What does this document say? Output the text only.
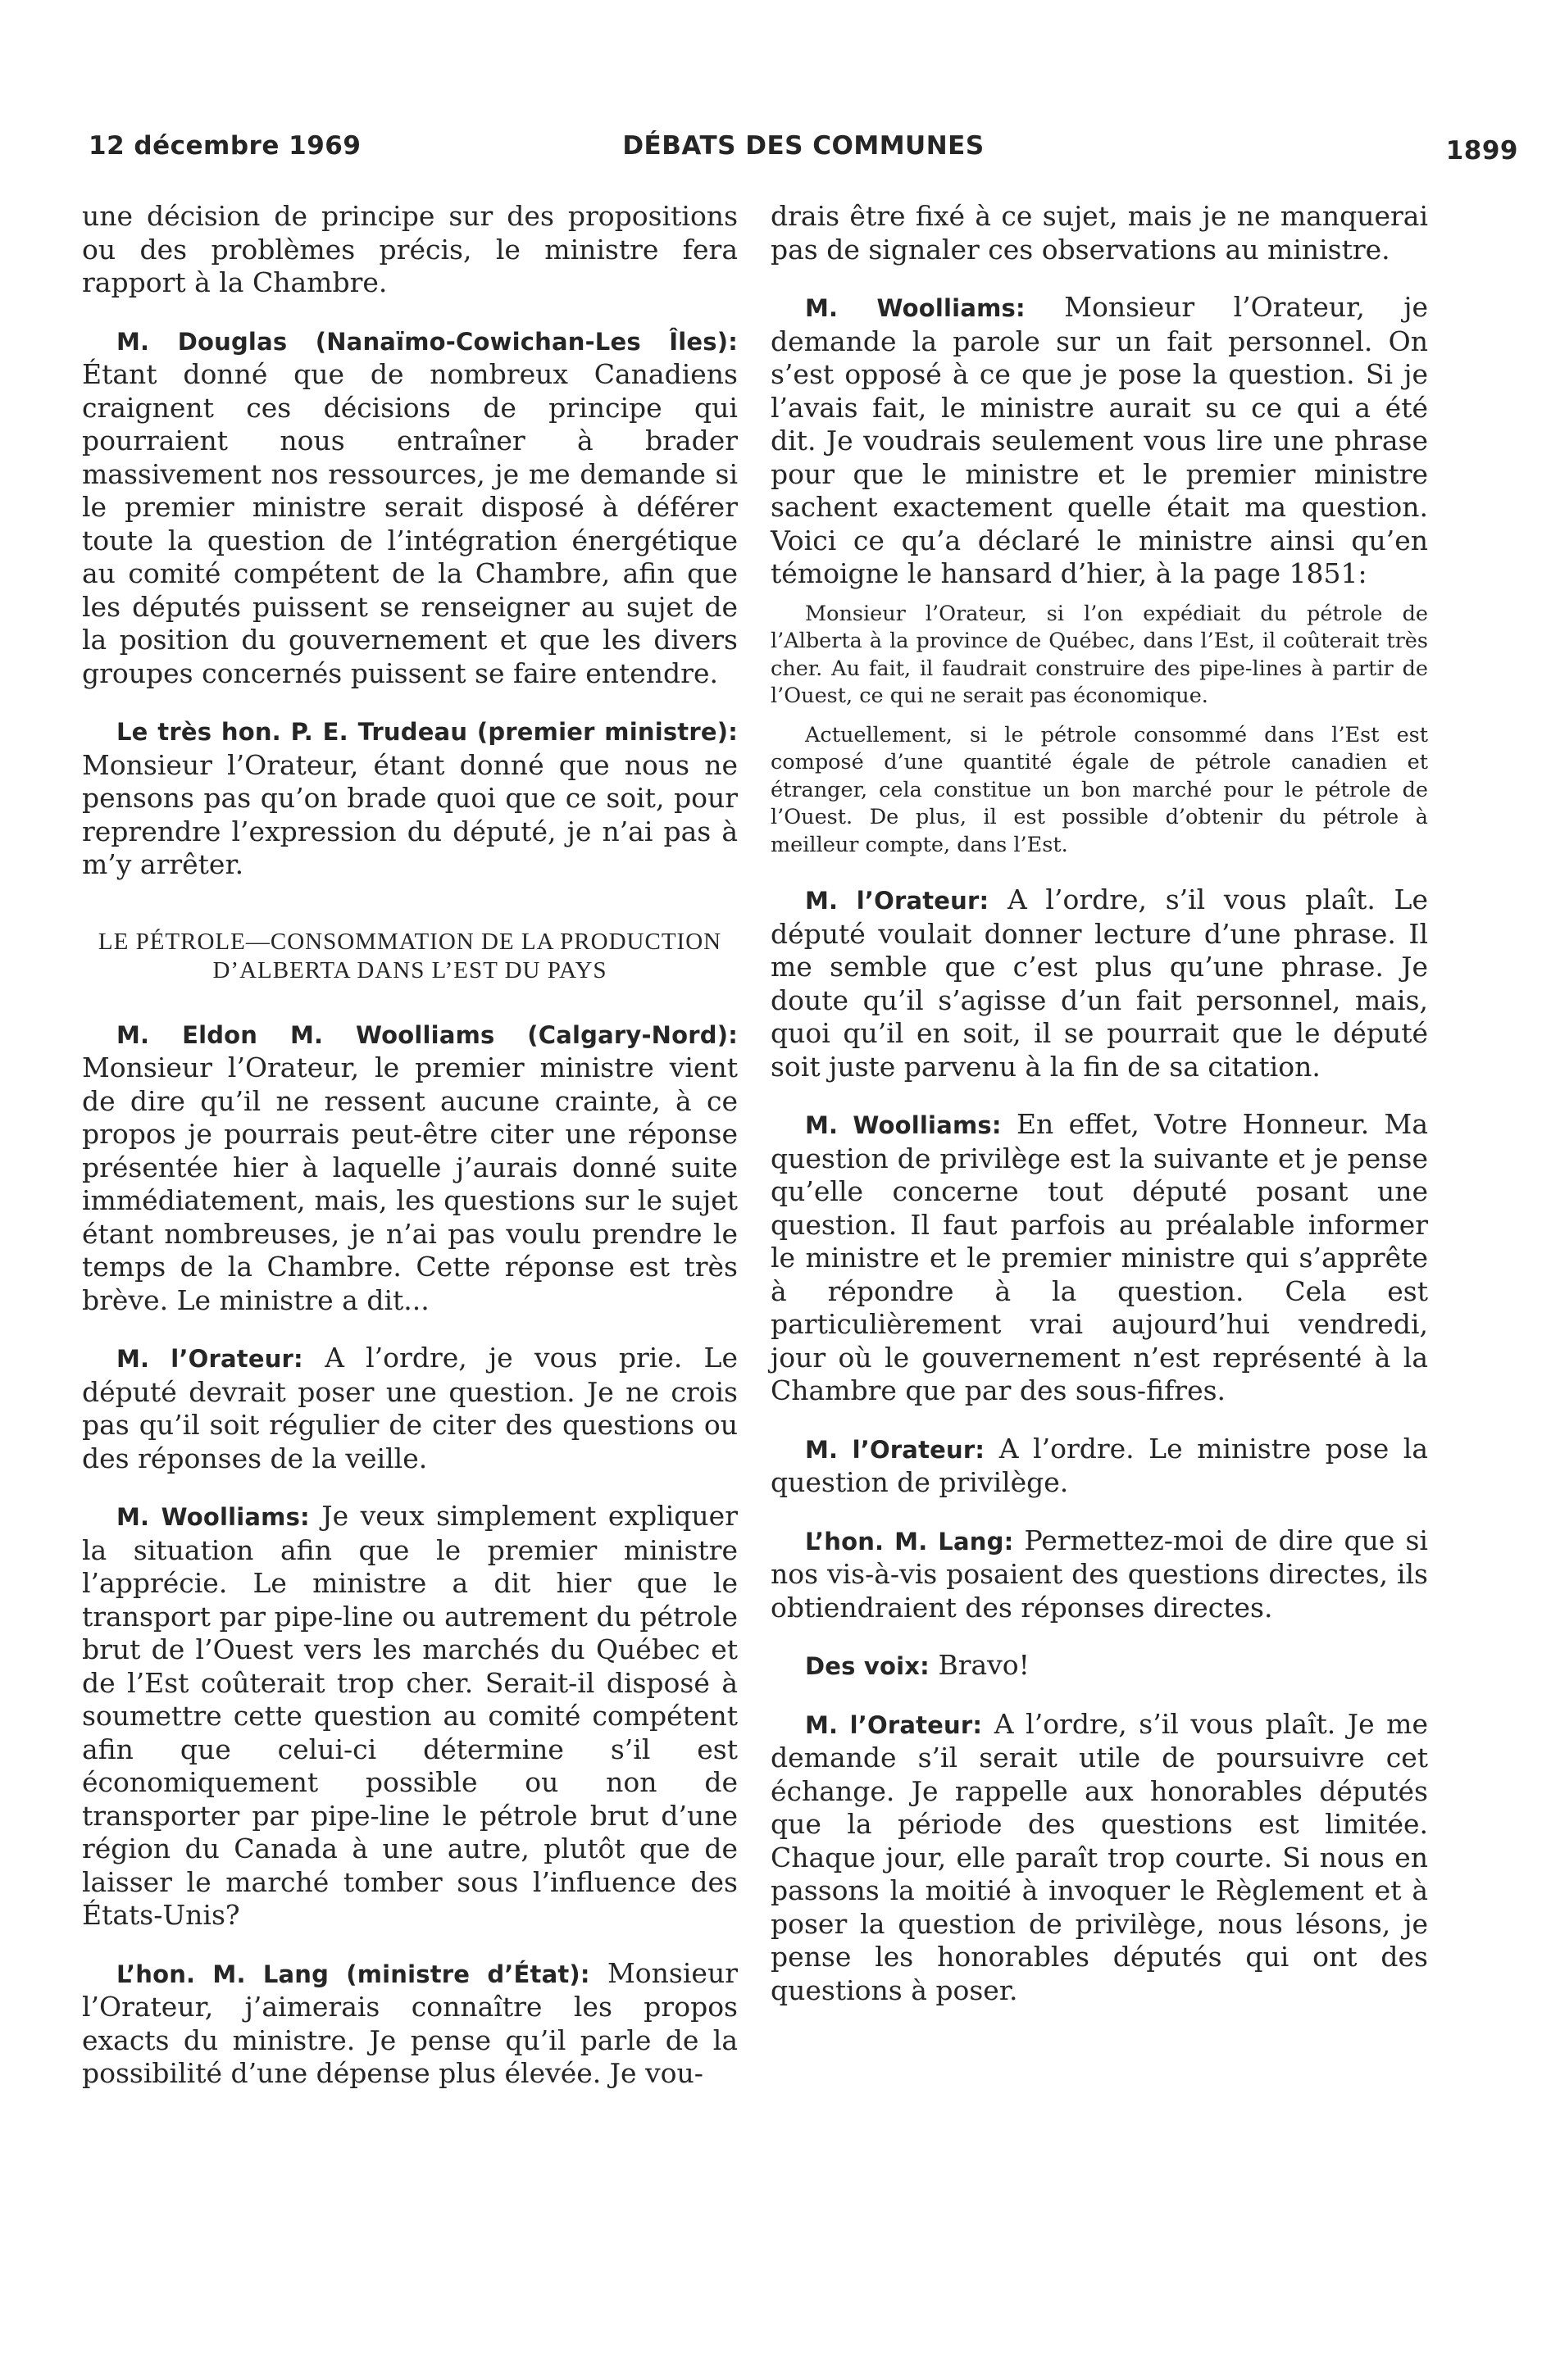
12 décembre 1969	DÉBATS DES COMMUNES	1899

une décision de principe sur des propositions ou des problèmes précis, le ministre fera rapport à la Chambre.

M. Douglas (Nanaïmo-Cowichan-Les Îles): Étant donné que de nombreux Canadiens craignent ces décisions de principe qui pourraient nous entraîner à brader massivement nos ressources, je me demande si le premier ministre serait disposé à déférer toute la question de l’intégration énergétique au comité compétent de la Chambre, afin que les députés puissent se renseigner au sujet de la position du gouvernement et que les divers groupes concernés puissent se faire entendre.

Le très hon. P. E. Trudeau (premier ministre): Monsieur l’Orateur, étant donné que nous ne pensons pas qu’on brade quoi que ce soit, pour reprendre l’expression du député, je n’ai pas à m’y arrêter.

LE PÉTROLE—CONSOMMATION DE LA PRODUCTION D’ALBERTA DANS L’EST DU PAYS

M. Eldon M. Woolliams (Calgary-Nord): Monsieur l’Orateur, le premier ministre vient de dire qu’il ne ressent aucune crainte, à ce propos je pourrais peut-être citer une réponse présentée hier à laquelle j’aurais donné suite immédiatement, mais, les questions sur le sujet étant nombreuses, je n’ai pas voulu prendre le temps de la Chambre. Cette réponse est très brève. Le ministre a dit...

M. l’Orateur: A l’ordre, je vous prie. Le député devrait poser une question. Je ne crois pas qu’il soit régulier de citer des questions ou des réponses de la veille.

M. Woolliams: Je veux simplement expliquer la situation afin que le premier ministre l’apprécie. Le ministre a dit hier que le transport par pipe-line ou autrement du pétrole brut de l’Ouest vers les marchés du Québec et de l’Est coûterait trop cher. Serait-il disposé à soumettre cette question au comité compétent afin que celui-ci détermine s’il est économiquement possible ou non de transporter par pipe-line le pétrole brut d’une région du Canada à une autre, plutôt que de laisser le marché tomber sous l’influence des États-Unis?

L’hon. M. Lang (ministre d’État): Monsieur l’Orateur, j’aimerais connaître les propos exacts du ministre. Je pense qu’il parle de la possibilité d’une dépense plus élevée. Je vou-

drais être fixé à ce sujet, mais je ne manquerai pas de signaler ces observations au ministre.

M. Woolliams: Monsieur l’Orateur, je demande la parole sur un fait personnel. On s’est opposé à ce que je pose la question. Si je l’avais fait, le ministre aurait su ce qui a été dit. Je voudrais seulement vous lire une phrase pour que le ministre et le premier ministre sachent exactement quelle était ma question. Voici ce qu’a déclaré le ministre ainsi qu’en témoigne le hansard d’hier, à la page 1851:

Monsieur l’Orateur, si l’on expédiait du pétrole de l’Alberta à la province de Québec, dans l’Est, il coûterait très cher. Au fait, il faudrait construire des pipe-lines à partir de l’Ouest, ce qui ne serait pas économique.

Actuellement, si le pétrole consommé dans l’Est est composé d’une quantité égale de pétrole canadien et étranger, cela constitue un bon marché pour le pétrole de l’Ouest. De plus, il est possible d’obtenir du pétrole à meilleur compte, dans l’Est.

M. l’Orateur: A l’ordre, s’il vous plaît. Le député voulait donner lecture d’une phrase. Il me semble que c’est plus qu’une phrase. Je doute qu’il s’agisse d’un fait personnel, mais, quoi qu’il en soit, il se pourrait que le député soit juste parvenu à la fin de sa citation.

M. Woolliams: En effet, Votre Honneur. Ma question de privilège est la suivante et je pense qu’elle concerne tout député posant une question. Il faut parfois au préalable informer le ministre et le premier ministre qui s’apprête à répondre à la question. Cela est particulièrement vrai aujourd’hui vendredi, jour où le gouvernement n’est représenté à la Chambre que par des sous-fifres.

M. l’Orateur: A l’ordre. Le ministre pose la question de privilège.

L’hon. M. Lang: Permettez-moi de dire que si nos vis-à-vis posaient des questions directes, ils obtiendraient des réponses directes.

Des voix: Bravo!

M. l’Orateur: A l’ordre, s’il vous plaît. Je me demande s’il serait utile de poursuivre cet échange. Je rappelle aux honorables députés que la période des questions est limitée. Chaque jour, elle paraît trop courte. Si nous en passons la moitié à invoquer le Règlement et à poser la question de privilège, nous lésons, je pense les honorables députés qui ont des questions à poser.
